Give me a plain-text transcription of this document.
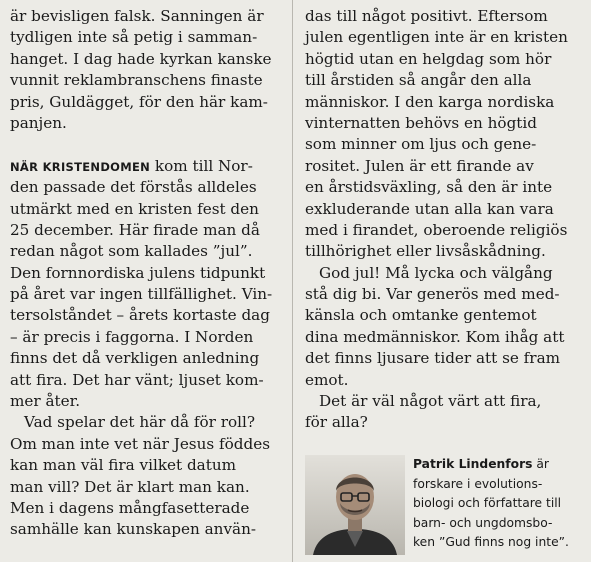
är bevisligen falsk. Sanningen är
tydligen inte så petig i samman-
hanget. I dag hade kyrkan kanske
vunnit reklambranschens finaste
pris, Guldägget, för den här kam-
panjen.
NÄR KRISTENDOMEN kom till Nor-
den passade det förstås alldeles
utmärkt med en kristen fest den
25 december. Här firade man då
redan något som kallades ”jul”.
Den fornnordiska julens tidpunkt
på året var ingen tillfällighet. Vin-
tersolståndet – årets kortaste dag
– är precis i faggorna. I Norden
finns det då verkligen anledning
att fira. Det har vänt; ljuset kom-
mer åter.
Vad spelar det här då för roll?
Om man inte vet när Jesus föddes
kan man väl fira vilket datum
man vill? Det är klart man kan.
Men i dagens mångfasetterade
samhälle kan kunskapen använ-
das till något positivt. Eftersom
julen egentligen inte är en kristen
högtid utan en helgdag som hör
till årstiden så angår den alla
människor. I den karga nordiska
vinternatten behövs en högtid
som minner om ljus och gene-
rositet. Julen är ett firande av
en årstidsväxling, så den är inte
exkluderande utan alla kan vara
med i firandet, oberoende religiös
tillhörighet eller livsåskådning.
God jul! Må lycka och välgång
stå dig bi. Var generös med med-
känsla och omtanke gentemot
dina medmänniskor. Kom ihåg att
det finns ljusare tider att se fram
emot.
Det är väl något värt att fira,
för alla?
Patrik Lindenfors är
forskare i evolutions-
biologi och författare till
barn- och ungdomsbo-
ken ”Gud finns nog inte”.
